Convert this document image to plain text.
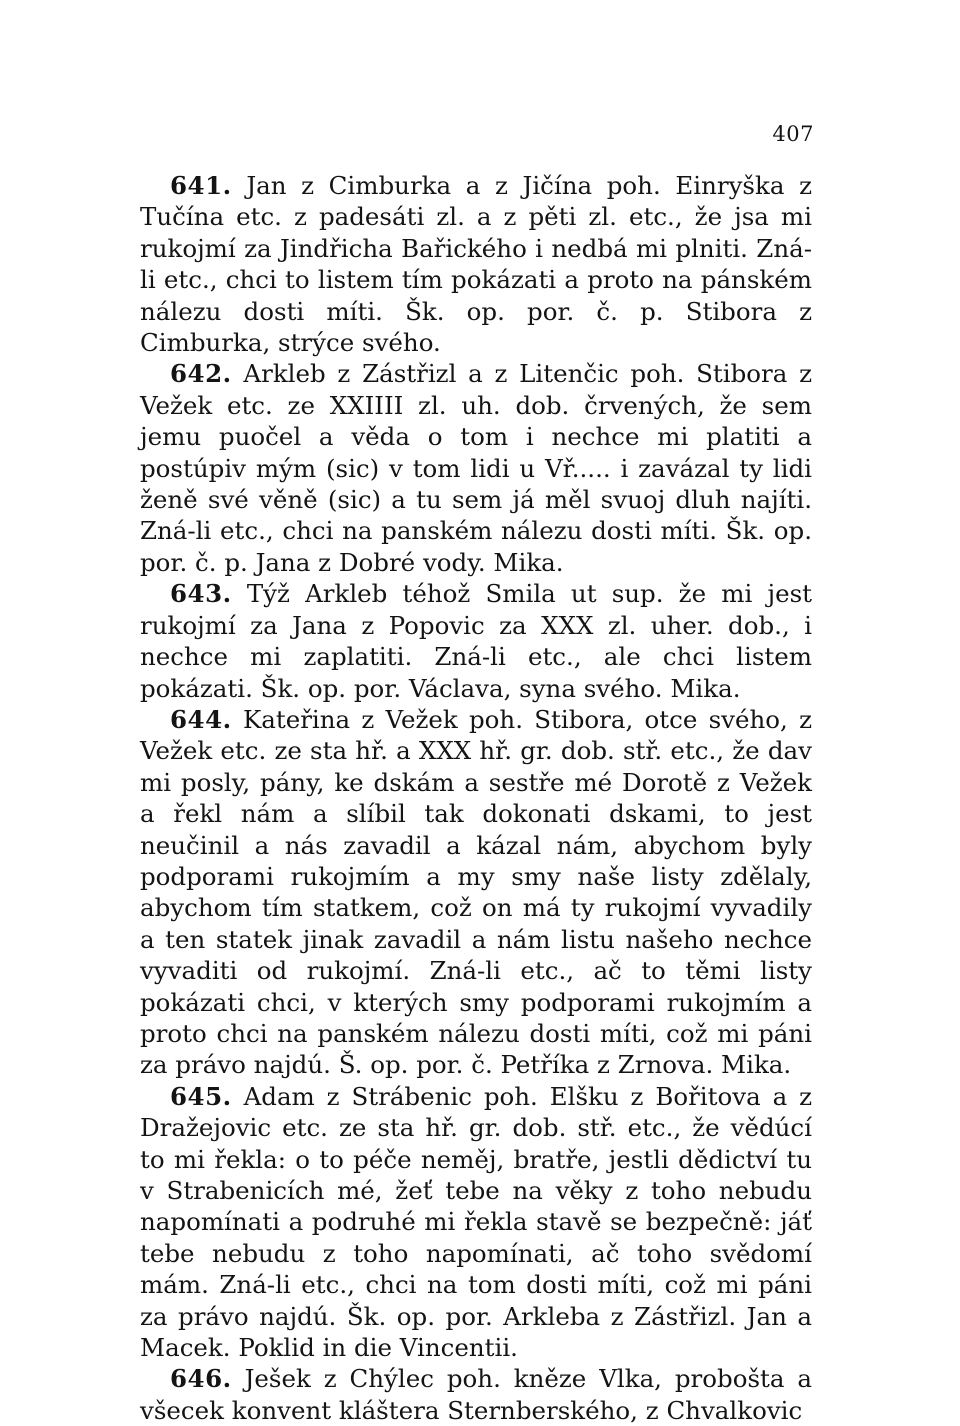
407

641. Jan z Cimburka a z Jičína poh. Einryška z Tučína etc. z padesáti zl. a z pěti zl. etc., že jsa mi rukojmí za Jindřicha Bařického i nedbá mi plniti. Zná-li etc., chci to listem tím pokázati a proto na pánském nálezu dosti míti. Šk. op. por. č. p. Stibora z Cimburka, strýce svého.

642. Arkleb z Zástřizl a z Litenčic poh. Stibora z Vežek etc. ze XXIIII zl. uh. dob. črvených, že sem jemu puočel a věda o tom i nechce mi platiti a postúpiv mým (sic) v tom lidi u Vř..... i zavázal ty lidi ženě své věně (sic) a tu sem já měl svuoj dluh najíti. Zná-li etc., chci na panském nálezu dosti míti. Šk. op. por. č. p. Jana z Dobré vody. Mika.

643. Týž Arkleb téhož Smila ut sup. že mi jest rukojmí za Jana z Popovic za XXX zl. uher. dob., i nechce mi zaplatiti. Zná-li etc., ale chci listem pokázati. Šk. op. por. Václava, syna svého. Mika.

644. Kateřina z Vežek poh. Stibora, otce svého, z Vežek etc. ze sta hř. a XXX hř. gr. dob. stř. etc., že dav mi posly, pány, ke dskám a sestře mé Dorotě z Vežek a řekl nám a slíbil tak dokonati dskami, to jest neučinil a nás zavadil a kázal nám, abychom byly podporami rukojmím a my smy naše listy zdělaly, abychom tím statkem, což on má ty rukojmí vyvadily a ten statek jinak zavadil a nám listu našeho nechce vyvaditi od rukojmí. Zná-li etc., ač to těmi listy pokázati chci, v kterých smy podporami rukojmím a proto chci na panském nálezu dosti míti, což mi páni za právo najdú. Š. op. por. č. Petříka z Zrnova. Mika.

645. Adam z Strábenic poh. Elšku z Bořitova a z Dražejovic etc. ze sta hř. gr. dob. stř. etc., že vědúcí to mi řekla: o to péče neměj, bratře, jestli dědictví tu v Strabenicích mé, žeť tebe na věky z toho nebudu napomínati a podruhé mi řekla stavě se bezpečně: jáť tebe nebudu z toho napomínati, ač toho svědomí mám. Zná-li etc., chci na tom dosti míti, což mi páni za právo najdú. Šk. op. por. Arkleba z Zástřizl. Jan a Macek. Poklid in die Vincentii.

646. Ješek z Chýlec poh. kněze Vlka, probošta a všecek konvent kláštera Sternberského, z Chvalkovic
